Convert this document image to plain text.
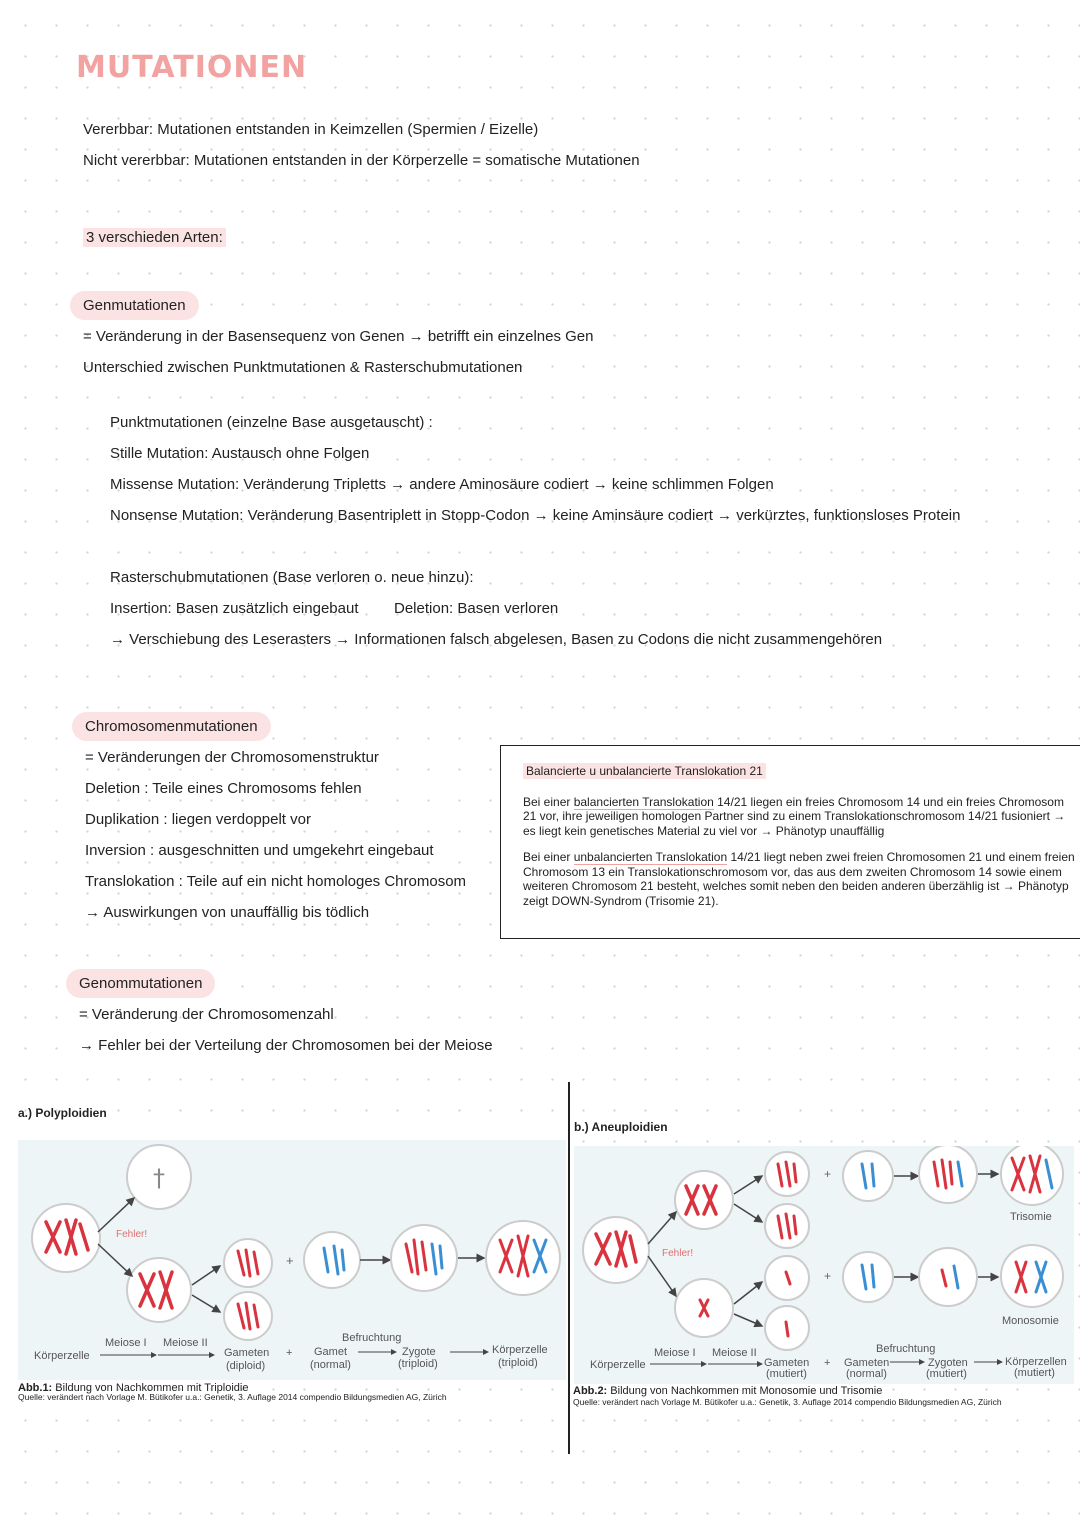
MUTATIONEN
Vererbbar: Mutationen entstanden in Keimzellen (Spermien / Eizelle)
Nicht vererbbar: Mutationen entstanden in der Körperzelle = somatische Mutationen
3 verschieden Arten:
Genmutationen
= Veränderung in der Basensequenz von Genen → betrifft ein einzelnes Gen
Unterschied zwischen Punktmutationen & Rasterschubmutationen
Punktmutationen (einzelne Base ausgetauscht) :
Stille Mutation: Austausch ohne Folgen
Missense Mutation: Veränderung Tripletts → andere Aminosäure codiert → keine schlimmen Folgen
Nonsense Mutation: Veränderung Basentriplett in Stopp-Codon → keine Aminsäure codiert → verkürztes, funktionsloses Protein
Rasterschubmutationen (Base verloren o. neue hinzu):
Insertion: Basen zusätzlich eingebaut Deletion: Basen verloren
→ Verschiebung des Leserasters → Informationen falsch abgelesen, Basen zu Codons die nicht zusammengehören
Chromosomenmutationen
= Veränderungen der Chromosomenstruktur
Deletion : Teile eines Chromosoms fehlen
Duplikation : liegen verdoppelt vor
Inversion : ausgeschnitten und umgekehrt eingebaut
Translokation : Teile auf ein nicht homologes Chromosom
→ Auswirkungen von unauffällig bis tödlich

Balancierte u unbalancierte Translokation 21

Bei einer balancierten Translokation 14/21 liegen ein freies Chromosom 14 und ein freies Chromosom 21 vor, ihre jeweiligen homologen Partner sind zu einem Translokationschromosom 14/21 fusioniert → es liegt kein genetisches Material zu viel vor → Phänotyp unauffällig

Bei einer unbalancierten Translokation 14/21 liegt neben zwei freien Chromosomen 21 und einem freien Chromosom 13 ein Translokationschromosom vor, das aus dem zweiten Chromosom 14 sowie einem weiteren Chromosom 21 besteht, welches somit neben den beiden anderen überzählig ist → Phänotyp zeigt DOWN-Syndrom (Trisomie 21).

Genommutationen
= Veränderung der Chromosomenzahl
→ Fehler bei der Verteilung der Chromosomen bei der Meiose
a.) Polyploidien
†
Fehler!
+
Körperzelle
Meiose I Meiose II
Gameten
(diploid)
+ Gamet
(normal)
Befruchtung
Zygote
(triploid)
Körperzelle
(triploid)
Abb.1: Bildung von Nachkommen mit Triploidie
Quelle: verändert nach Vorlage M. Bütikofer u.a.: Genetik, 3. Auflage 2014 compendio Bildungsmedien AG, Zürich
b.) Aneuploidien
Fehler!
+
+
Trisomie
Monosomie
Körperzelle
Meiose I Meiose II
Gameten
(mutiert)
+ Gameten
(normal)
Befruchtung
Zygoten
(mutiert)
Körperzellen
(mutiert)
Abb.2: Bildung von Nachkommen mit Monosomie und Trisomie
Quelle: verändert nach Vorlage M. Bütikofer u.a.: Genetik, 3. Auflage 2014 compendio Bildungsmedien AG, Zürich
